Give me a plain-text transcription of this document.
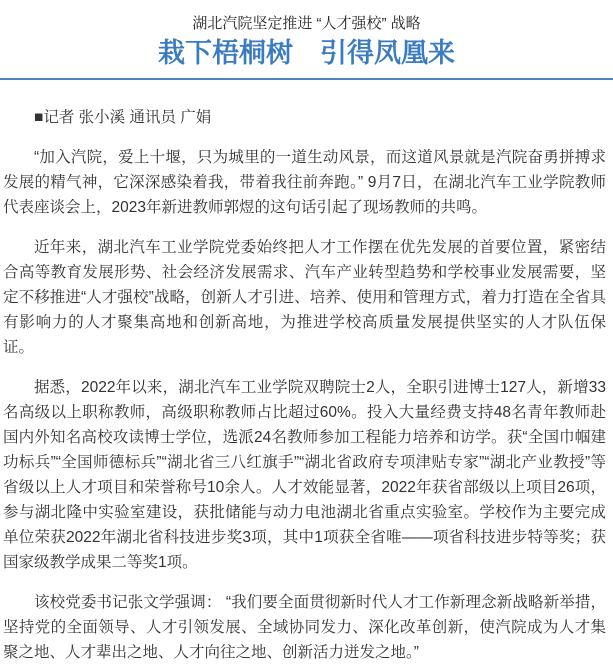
湖北汽院坚定推进 “人才强校” 战略
栽下梧桐树　引得凤凰来
■记者 张小溪 通讯员 广娟

“加入汽院，爱上十堰，只为城里的一道生动风景，而这道风景就是汽院奋勇拼搏求发展的精气神，它深深感染着我，带着我往前奔跑。” 9月7日，在湖北汽车工业学院教师代表座谈会上，2023年新进教师郭煜的这句话引起了现场教师的共鸣。

近年来，湖北汽车工业学院党委始终把人才工作摆在优先发展的首要位置，紧密结合高等教育发展形势、社会经济发展需求、汽车产业转型趋势和学校事业发展需要，坚定不移推进“人才强校”战略，创新人才引进、培养、使用和管理方式，着力打造在全省具有影响力的人才聚集高地和创新高地，为推进学校高质量发展提供坚实的人才队伍保证。

据悉，2022年以来，湖北汽车工业学院双聘院士2人，全职引进博士127人，新增33名高级以上职称教师，高级职称教师占比超过60%。投入大量经费支持48名青年教师赴国内外知名高校攻读博士学位，选派24名教师参加工程能力培养和访学。获“全国巾帼建功标兵”“全国师德标兵”“湖北省三八红旗手”“湖北省政府专项津贴专家”“湖北产业教授”等省级以上人才项目和荣誉称号10余人。人才效能显著，2022年获省部级以上项目26项，参与湖北隆中实验室建设，获批储能与动力电池湖北省重点实验室。学校作为主要完成单位荣获2022年湖北省科技进步奖3项，其中1项获全省唯——项省科技进步特等奖；获国家级教学成果二等奖1项。

该校党委书记张文学强调： “我们要全面贯彻新时代人才工作新理念新战略新举措，坚持党的全面领导、人才引领发展、全域协同发力、深化改革创新，使汽院成为人才集聚之地、人才辈出之地、人才向往之地、创新活力迸发之地。”
